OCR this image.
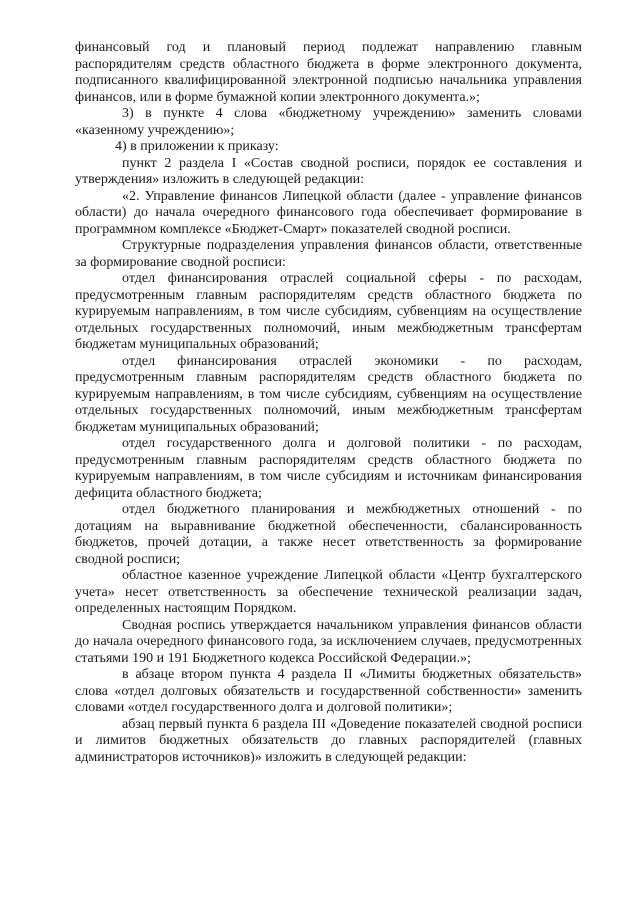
финансовый год и плановый период подлежат направлению главным распорядителям средств областного бюджета в форме электронного документа, подписанного квалифицированной электронной подписью начальника управления финансов, или в форме бумажной копии электронного документа.»;

3) в пункте 4 слова «бюджетному учреждению» заменить словами «казенному учреждению»;

4) в приложении к приказу:

пункт 2 раздела I «Состав сводной росписи, порядок ее составления и утверждения» изложить в следующей редакции:

«2. Управление финансов Липецкой области (далее - управление финансов области) до начала очередного финансового года обеспечивает формирование в программном комплексе «Бюджет-Смарт» показателей сводной росписи.

Структурные подразделения управления финансов области, ответственные за формирование сводной росписи:

отдел финансирования отраслей социальной сферы - по расходам, предусмотренным главным распорядителям средств областного бюджета по курируемым направлениям, в том числе субсидиям, субвенциям на осуществление отдельных государственных полномочий, иным межбюджетным трансфертам бюджетам муниципальных образований;

отдел финансирования отраслей экономики - по расходам, предусмотренным главным распорядителям средств областного бюджета по курируемым направлениям, в том числе субсидиям, субвенциям на осуществление отдельных государственных полномочий, иным межбюджетным трансфертам бюджетам муниципальных образований;

отдел государственного долга и долговой политики - по расходам, предусмотренным главным распорядителям средств областного бюджета по курируемым направлениям, в том числе субсидиям и источникам финансирования дефицита областного бюджета;

отдел бюджетного планирования и межбюджетных отношений - по дотациям на выравнивание бюджетной обеспеченности, сбалансированность бюджетов, прочей дотации, а также несет ответственность за формирование сводной росписи;

областное казенное учреждение Липецкой области «Центр бухгалтерского учета» несет ответственность за обеспечение технической реализации задач, определенных настоящим Порядком.

Сводная роспись утверждается начальником управления финансов области до начала очередного финансового года, за исключением случаев, предусмотренных статьями 190 и 191 Бюджетного кодекса Российской Федерации.»;

в абзаце втором пункта 4 раздела II «Лимиты бюджетных обязательств» слова «отдел долговых обязательств и государственной собственности» заменить словами «отдел государственного долга и долговой политики»;

абзац первый пункта 6 раздела III «Доведение показателей сводной росписи и лимитов бюджетных обязательств до главных распорядителей (главных администраторов источников)» изложить в следующей редакции:
